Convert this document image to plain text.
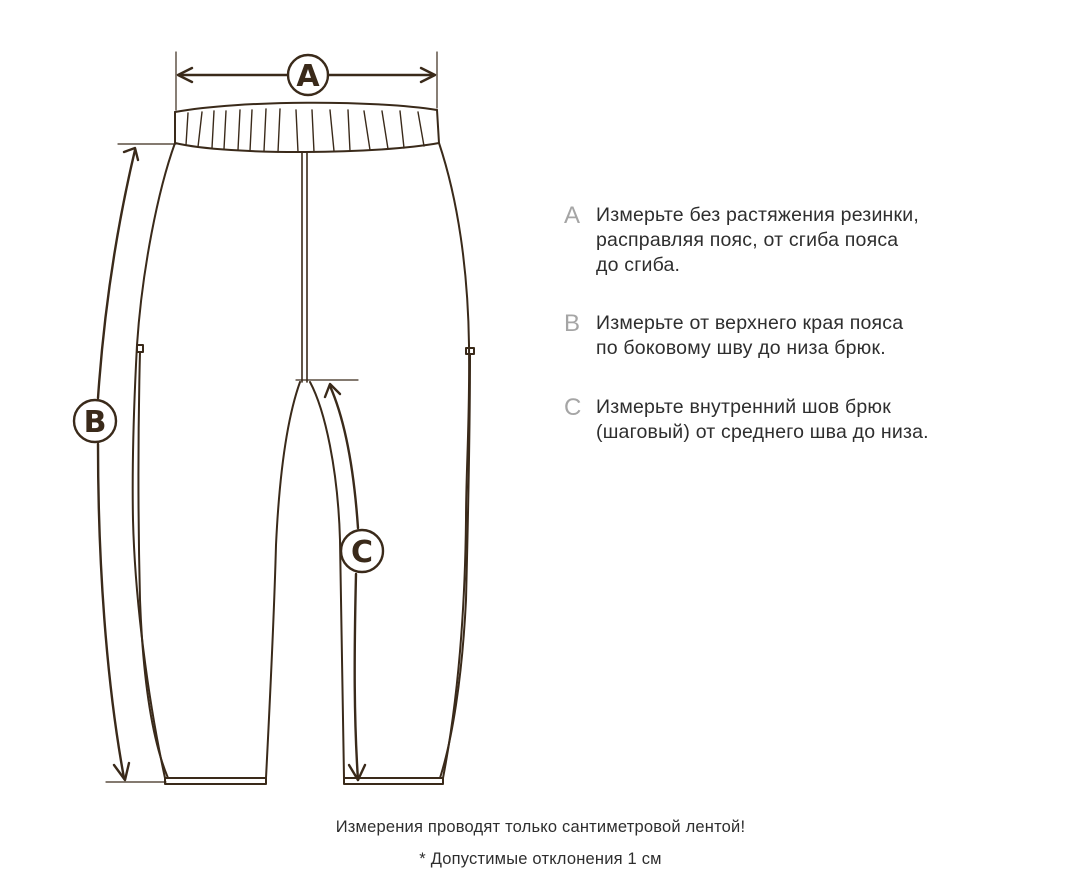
A
B
C
A Измерьте без растяжения резинки,
расправляя пояс, от сгиба пояса
до сгиба.
B Измерьте от верхнего края пояса
по боковому шву до низа брюк.
C Измерьте внутренний шов брюк
(шаговый) от среднего шва до низа.
Измерения проводят только сантиметровой лентой!
* Допустимые отклонения 1 см
